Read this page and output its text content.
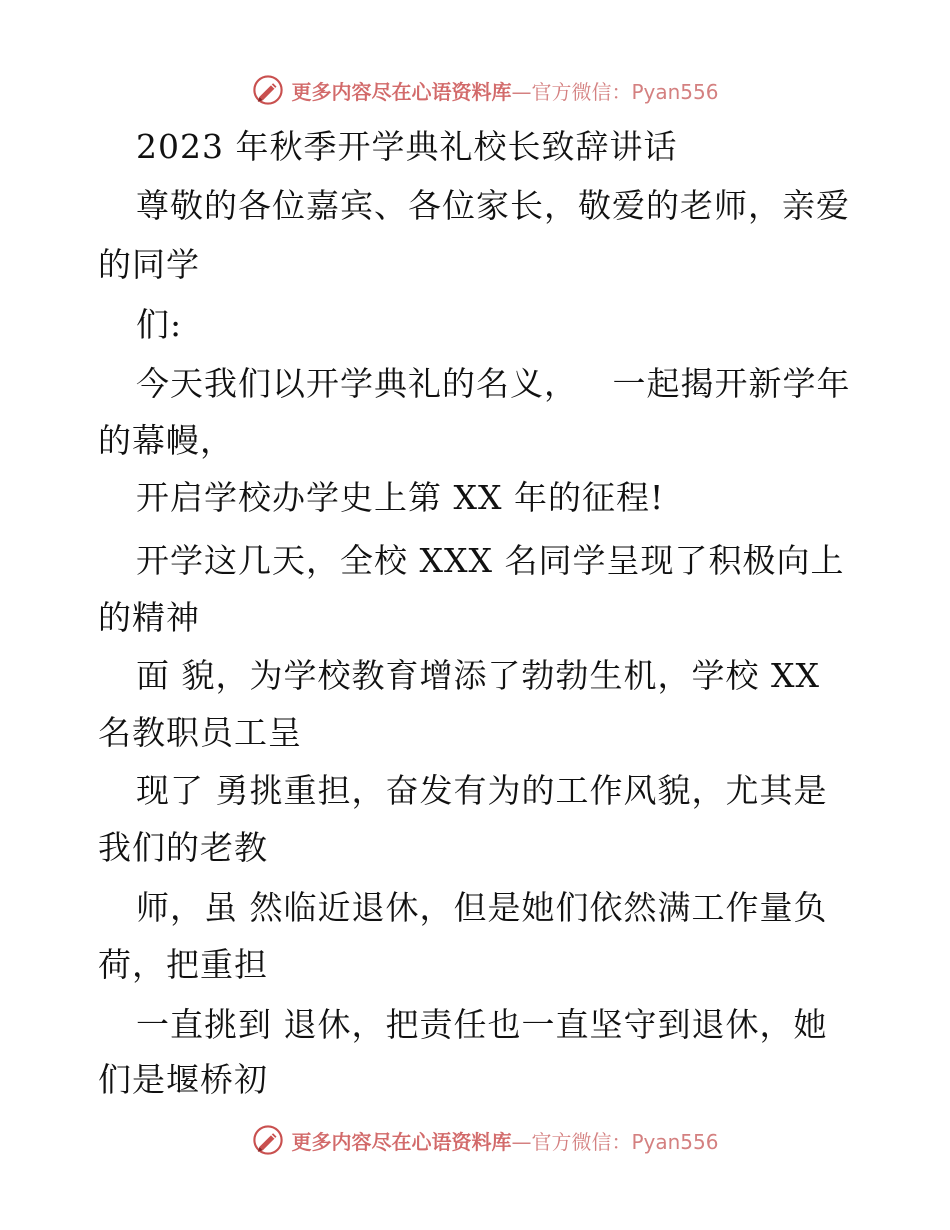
更多内容尽在心语资料库—官方微信：Pyan556
2023 年秋季开学典礼校长致辞讲话
尊敬的各位嘉宾、各位家长，敬爱的老师，亲爱
的同学
们:
今天我们以开学典礼的名义，   一起揭开新学年
的幕幔，
开启学校办学史上第 XX 年的征程!
开学这几天，全校 XXX 名同学呈现了积极向上
的精神
面 貌，为学校教育增添了勃勃生机，学校 XX
名教职员工呈
现了 勇挑重担，奋发有为的工作风貌，尤其是
我们的老教
师，虽 然临近退休，但是她们依然满工作量负
荷，把重担
一直挑到 退休，把责任也一直坚守到退休，她
们是堰桥初
更多内容尽在心语资料库—官方微信：Pyan556
